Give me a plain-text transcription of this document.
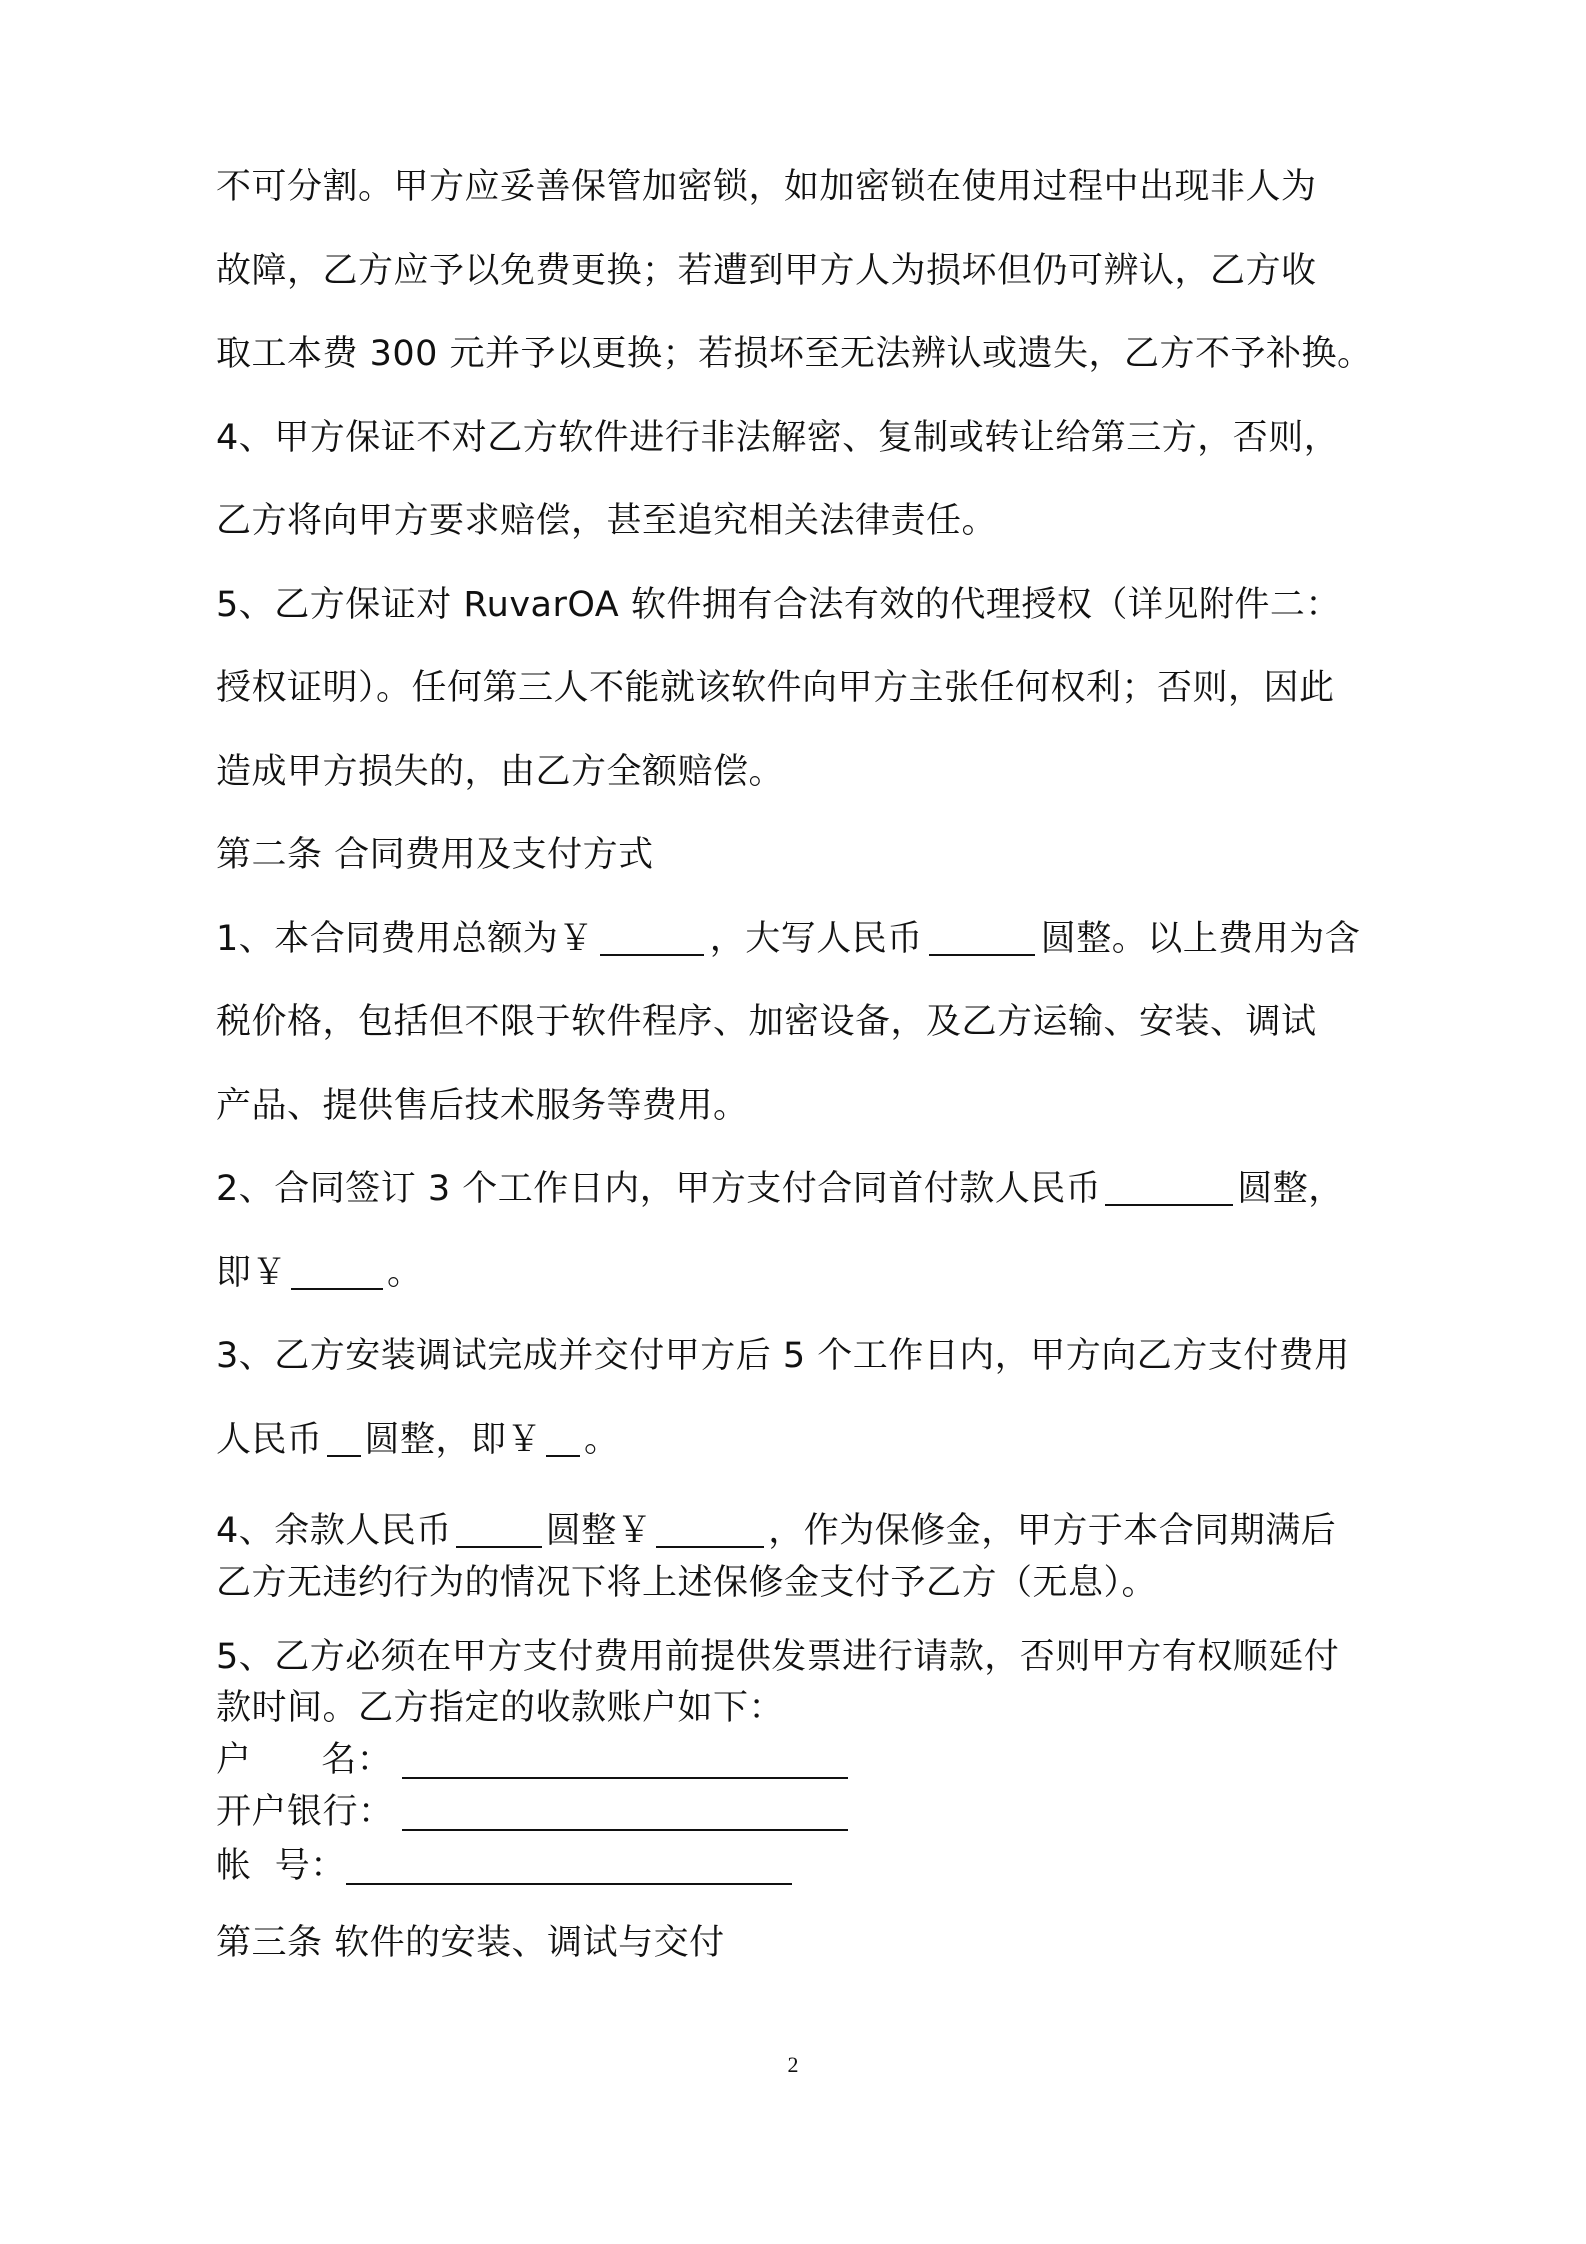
不可分割。甲方应妥善保管加密锁，如加密锁在使用过程中出现非人为
故障，乙方应予以免费更换；若遭到甲方人为损坏但仍可辨认，乙方收
取工本费 300 元并予以更换；若损坏至无法辨认或遗失，乙方不予补换。
4、甲方保证不对乙方软件进行非法解密、复制或转让给第三方，否则，
乙方将向甲方要求赔偿，甚至追究相关法律责任。
5、乙方保证对 RuvarOA 软件拥有合法有效的代理授权（详见附件二：
授权证明）。任何第三人不能就该软件向甲方主张任何权利；否则，因此
造成甲方损失的，由乙方全额赔偿。
第二条 合同费用及支付方式
1、本合同费用总额为￥	，大写人民币	圆整。以上费用为含
税价格，包括但不限于软件程序、加密设备，及乙方运输、安装、调试
产品、提供售后技术服务等费用。
2、合同签订 3 个工作日内，甲方支付合同首付款人民币	圆整，
即￥	。
3、乙方安装调试完成并交付甲方后 5 个工作日内，甲方向乙方支付费用
人民币 圆整，即￥ 。
4、余款人民币	圆整￥	，作为保修金，甲方于本合同期满后
乙方无违约行为的情况下将上述保修金支付予乙方（无息）。
5、乙方必须在甲方支付费用前提供发票进行请款，否则甲方有权顺延付
款时间。乙方指定的收款账户如下：
户      名：
开户银行：
帐  号：
第三条 软件的安装、调试与交付
2
